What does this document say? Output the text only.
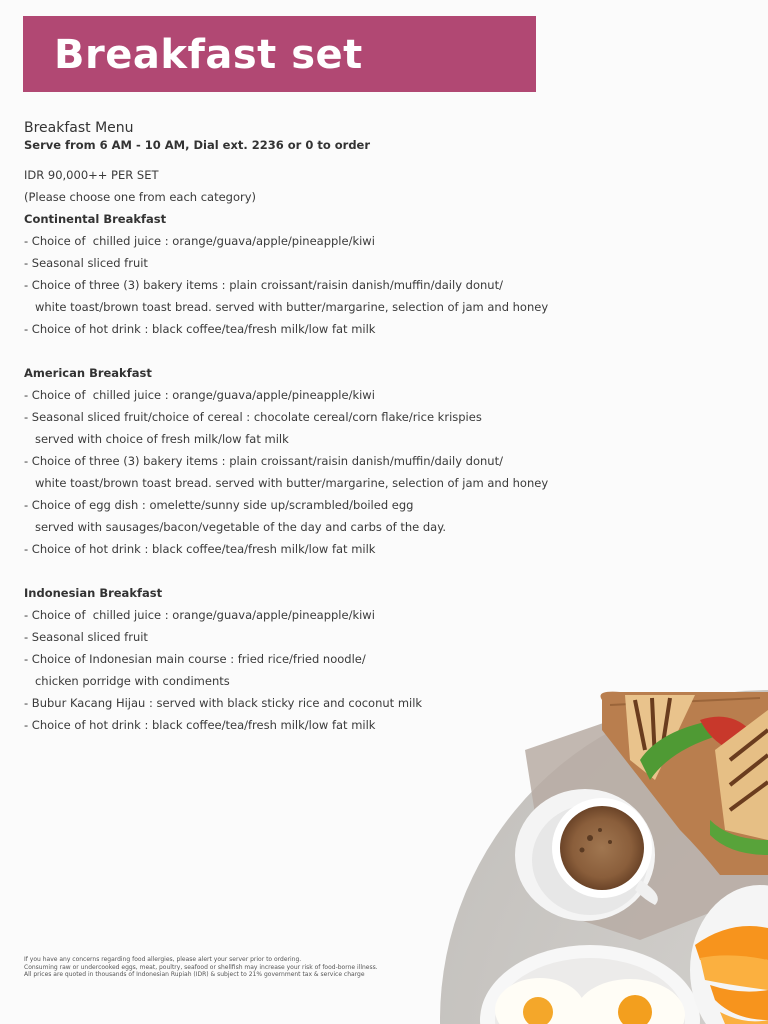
Breakfast set

Breakfast Menu

Serve from 6 AM - 10 AM, Dial ext. 2236 or 0 to order

IDR 90,000++ PER SET

(Please choose one from each category)

Continental Breakfast

- Choice of  chilled juice : orange/guava/apple/pineapple/kiwi

- Seasonal sliced fruit

- Choice of three (3) bakery items : plain croissant/raisin danish/muffin/daily donut/

white toast/brown toast bread. served with butter/margarine, selection of jam and honey

- Choice of hot drink : black coffee/tea/fresh milk/low fat milk

American Breakfast

- Choice of  chilled juice : orange/guava/apple/pineapple/kiwi

- Seasonal sliced fruit/choice of cereal : chocolate cereal/corn flake/rice krispies

served with choice of fresh milk/low fat milk

- Choice of three (3) bakery items : plain croissant/raisin danish/muffin/daily donut/

white toast/brown toast bread. served with butter/margarine, selection of jam and honey

- Choice of egg dish : omelette/sunny side up/scrambled/boiled egg

served with sausages/bacon/vegetable of the day and carbs of the day.

- Choice of hot drink : black coffee/tea/fresh milk/low fat milk

Indonesian Breakfast

- Choice of  chilled juice : orange/guava/apple/pineapple/kiwi

- Seasonal sliced fruit

- Choice of Indonesian main course : fried rice/fried noodle/

chicken porridge with condiments

- Bubur Kacang Hijau : served with black sticky rice and coconut milk

- Choice of hot drink : black coffee/tea/fresh milk/low fat milk

If you have any concerns regarding food allergies, please alert your server prior to ordering.

Consuming raw or undercooked eggs, meat, poultry, seafood or shellfish may increase your risk of food-borne illness.

All prices are quoted in thousands of Indonesian Rupiah (IDR) & subject to 21% government tax & service charge
